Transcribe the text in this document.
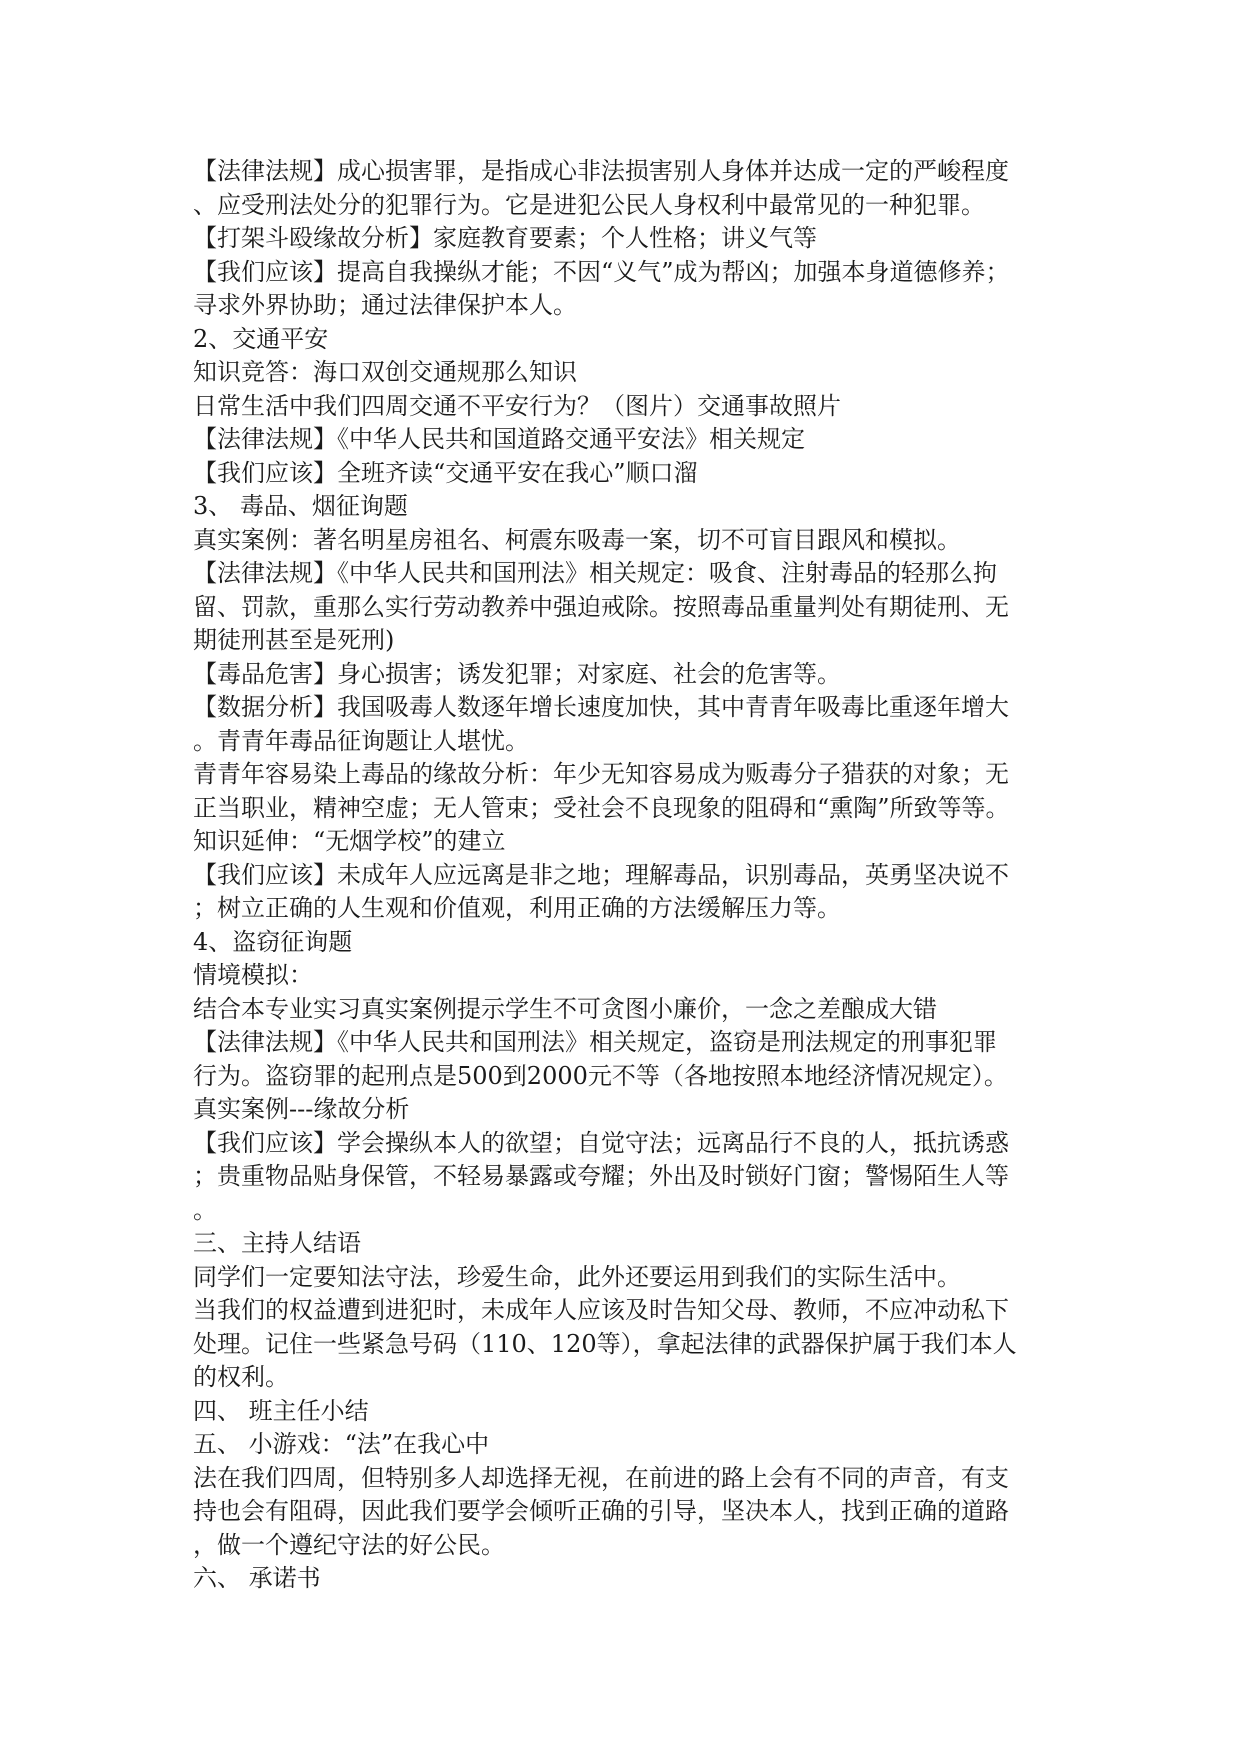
【法律法规】成心损害罪，是指成心非法损害别人身体并达成一定的严峻程度
、应受刑法处分的犯罪行为。它是进犯公民人身权利中最常见的一种犯罪。
【打架斗殴缘故分析】家庭教育要素；个人性格；讲义气等
【我们应该】提高自我操纵才能；不因“义气”成为帮凶；加强本身道德修养；
寻求外界协助；通过法律保护本人。
2、交通平安
知识竞答：海口双创交通规那么知识
日常生活中我们四周交通不平安行为？（图片）交通事故照片
【法律法规】《中华人民共和国道路交通平安法》相关规定
【我们应该】全班齐读“交通平安在我心”顺口溜
3、 毒品、烟征询题
真实案例：著名明星房祖名、柯震东吸毒一案，切不可盲目跟风和模拟。
【法律法规】《中华人民共和国刑法》相关规定：吸食、注射毒品的轻那么拘
留、罚款，重那么实行劳动教养中强迫戒除。按照毒品重量判处有期徒刑、无
期徒刑甚至是死刑)
【毒品危害】身心损害；诱发犯罪；对家庭、社会的危害等。
【数据分析】我国吸毒人数逐年增长速度加快，其中青青年吸毒比重逐年增大
。青青年毒品征询题让人堪忧。
青青年容易染上毒品的缘故分析：年少无知容易成为贩毒分子猎获的对象；无
正当职业，精神空虚；无人管束；受社会不良现象的阻碍和“熏陶”所致等等。
知识延伸：“无烟学校”的建立
【我们应该】未成年人应远离是非之地；理解毒品，识别毒品，英勇坚决说不
；树立正确的人生观和价值观，利用正确的方法缓解压力等。
4、盗窃征询题
情境模拟：
结合本专业实习真实案例提示学生不可贪图小廉价，一念之差酿成大错
【法律法规】《中华人民共和国刑法》相关规定，盗窃是刑法规定的刑事犯罪
行为。盗窃罪的起刑点是500到2000元不等（各地按照本地经济情况规定）。
真实案例---缘故分析
【我们应该】学会操纵本人的欲望；自觉守法；远离品行不良的人，抵抗诱惑
；贵重物品贴身保管，不轻易暴露或夸耀；外出及时锁好门窗；警惕陌生人等
。
三、主持人结语
同学们一定要知法守法，珍爱生命，此外还要运用到我们的实际生活中。
当我们的权益遭到进犯时，未成年人应该及时告知父母、教师，不应冲动私下
处理。记住一些紧急号码（110、120等），拿起法律的武器保护属于我们本人
的权利。
四、 班主任小结
五、 小游戏：“法”在我心中
法在我们四周，但特别多人却选择无视，在前进的路上会有不同的声音，有支
持也会有阻碍，因此我们要学会倾听正确的引导，坚决本人，找到正确的道路
，做一个遵纪守法的好公民。
六、 承诺书
